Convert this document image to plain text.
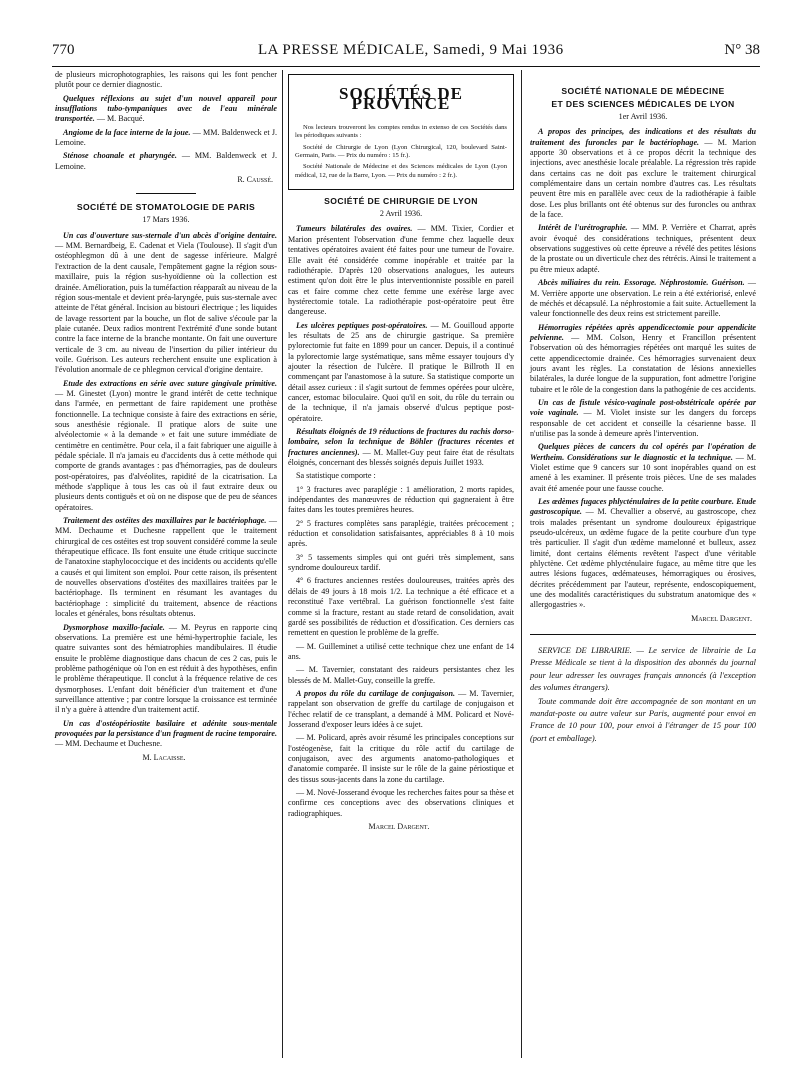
770	LA PRESSE MÉDICALE, Samedi, 9 Mai 1936	N° 38

de plusieurs microphotographies, les raisons qui les font pencher plutôt pour ce dernier diagnostic.

Quelques réflexions au sujet d'un nouvel appareil pour insufflations tubo-tympaniques avec de l'eau minérale transportée. — M. Bacqué.

Angiome de la face interne de la joue. — MM. Baldenweck et J. Lemoine.

Sténose choanale et pharyngée. — MM. Baldenweck et J. Lemoine.

R. Caussé.
SOCIÉTÉ DE STOMATOLOGIE DE PARIS
17 Mars 1936.

Un cas d'ouverture sus-sternale d'un abcès d'origine dentaire. — MM. Bernardbeig, E. Cadenat et Viela (Toulouse). Il s'agit d'un ostéophlegmon dû à une dent de sagesse inférieure. Malgré l'extraction de la dent causale, l'empâtement gagne la région sous-maxillaire, puis la région sus-hyoïdienne où la collection est drainée. Amélioration, puis la tuméfaction réapparaît au niveau de la région sous-mentale et devient préa-laryngée, puis sus-sternale avec atteinte de l'état général. Incision au bistouri électrique ; les liquides de lavage ressortent par la bouche, un flot de salive s'écoule par la plaie cutanée. Deux radios montrent l'extrémité d'une sonde butant contre la face interne de la branche montante. On fait une ouverture verticale de 3 cm. au niveau de l'insertion du pilier intérieur du voile. Guérison. Les auteurs recherchent ensuite une explication à l'évolution anormale de ce phlegmon cervical d'origine dentaire.

Etude des extractions en série avec suture gingivale primitive. — M. Ginestet (Lyon) montre le grand intérêt de cette technique dans l'armée, en permettant de faire rapidement une prothèse fonctionnelle. La technique consiste à faire des extractions en série, sous anesthésie régionale. Il pratique alors de suite une alvéolectomie « à la demande » et fait une suture immédiate de centimètre en centimètre. Pour cela, il a fait fabriquer une aiguille à pédale spéciale. Il n'a jamais eu d'accidents dus à cette méthode qui comporte de grands avantages : pas d'hémorragies, pas de douleurs post-opératoires, pas d'alvéolites, rapidité de la cicatrisation. La méthode s'applique à tous les cas où il faut extraire deux ou plusieurs dents contiguës et où on ne dispose que de peu de séances opératoires.

Traitement des ostéites des maxillaires par le bactériophage. — MM. Dechaume et Duchesne rappellent que le traitement chirurgical de ces ostéites est trop souvent considéré comme la seule thérapeutique efficace. Ils font ensuite une étude critique succincte de l'anatoxine staphylococcique et des incidents ou accidents qu'elle a causés et qui limitent son emploi. Pour cette raison, ils présentent de nouvelles observations d'ostéites des maxillaires traitées par le bactériophage. Ils terminent en résumant les avantages du bactériophage : simplicité du traitement, absence de réactions locales et générales, bons résultats obtenus.

Dysmorphose maxillo-faciale. — M. Peyrus en rapporte cinq observations. La première est une hémi-hypertrophie faciale, les quatre suivantes sont des hémiatrophies mandibulaires. Il étudie ensuite le problème diagnostique dans chacun de ces 2 cas, puis le problème pathogénique où l'on en est réduit à des hypothèses, enfin le problème thérapeutique. Il conclut à la fréquence relative de ces dysmorphoses. L'enfant doit bénéficier d'un traitement et d'une surveillance attentive ; par contre lorsque la croissance est terminée il n'y a guère à attendre d'un traitement actif.

Un cas d'ostéopériostite basilaire et adénite sous-mentale provoquées par la persistance d'un fragment de racine temporaire. — MM. Dechaume et Duchesne.

M. Lacaisse.
SOCIÉTÉS DE PROVINCE

Nos lecteurs trouveront les comptes rendus in extenso de ces Sociétés dans les périodiques suivants :

Société de Chirurgie de Lyon (Lyon Chirurgical, 120, boulevard Saint-Germain, Paris. — Prix du numéro : 15 fr.).

Société Nationale de Médecine et des Sciences médicales de Lyon (Lyon médical, 12, rue de la Barre, Lyon. — Prix du numéro : 2 fr.).

SOCIÉTÉ DE CHIRURGIE DE LYON
2 Avril 1936.

Tumeurs bilatérales des ovaires. — MM. Tixier, Cordier et Marion présentent l'observation d'une femme chez laquelle deux tentatives opératoires avaient été faites pour une tumeur de l'ovaire. Elle avait été considérée comme inopérable et traitée par la radiothérapie. D'après 120 observations analogues, les auteurs estiment qu'on doit être le plus interventionniste possible en pareil cas et faire comme chez cette femme une exérèse large avec hystérectomie totale. La radiothérapie post-opératoire peut être dangereuse.

Les ulcères peptiques post-opératoires. — M. Gouilloud apporte les résultats de 25 ans de chirurgie gastrique. Sa première pylorectomie fut faite en 1899 pour un cancer. Depuis, il a continué la pylorectomie large systématique, sans même essayer toujours d'y ajouter la résection de l'ulcère. Il pratique le Billroth II en commençant par l'anastomose à la suture. Sa statistique comporte un détail assez curieux : il s'agit surtout de femmes opérées pour ulcère, cancer, estomac biloculaire. Quoi qu'il en soit, du rôle du terrain ou de la technique, il n'a jamais observé d'ulcus peptique post-opératoire.

Résultats éloignés de 19 réductions de fractures du rachis dorso-lombaire, selon la technique de Böhler (fractures récentes et fractures anciennes). — M. Mallet-Guy peut faire état de résultats éloignés, concernant des blessés soignés depuis Juillet 1933.

Sa statistique comporte :

1° 3 fractures avec paraplégie : 1 amélioration, 2 morts rapides, indépendantes des manœuvres de réduction qui gagneraient à être faites dans les toutes premières heures.

2° 5 fractures complètes sans paraplégie, traitées précocement ; réduction et consolidation satisfaisantes, appréciables 8 à 10 mois après.

3° 5 tassements simples qui ont guéri très simplement, sans syndrome douloureux tardif.

4° 6 fractures anciennes restées douloureuses, traitées après des délais de 49 jours à 18 mois 1/2. La technique a été efficace et a reconstitué l'axe vertébral. La guérison fonctionnelle s'est faite comme si la fracture, restant au stade retard de consolidation, avait gardé ses possibilités de réduction et d'ossification. Ces derniers cas remettent en question le problème de la greffe.

— M. Guilleminet a utilisé cette technique chez une enfant de 14 ans.

— M. Tavernier, constatant des raideurs persistantes chez les blessés de M. Mallet-Guy, conseille la greffe.

A propos du rôle du cartilage de conjugaison. — M. Tavernier, rappelant son observation de greffe du cartilage de conjugaison et l'échec relatif de ce transplant, a demandé à MM. Policard et Nové-Josserand d'exposer leurs idées à ce sujet.

— M. Policard, après avoir résumé les principales conceptions sur l'ostéogenèse, fait la critique du rôle actif du cartilage de conjugaison, avec des arguments anatomo-pathologiques et d'anatomie comparée. Il insiste sur le rôle de la gaine périostique et des tissus sous-jacents dans la zone du cartilage.

— M. Nové-Josserand évoque les recherches faites pour sa thèse et confirme ces conceptions avec des observations cliniques et radiographiques.

Marcel Dargent.
SOCIÉTÉ NATIONALE DE MÉDECINE
ET DES SCIENCES MÉDICALES DE LYON
1er Avril 1936.

A propos des principes, des indications et des résultats du traitement des furoncles par le bactériophage. — M. Marion apporte 30 observations et à ce propos décrit la technique des injections, avec anesthésie locale préalable. La régression très rapide dans certains cas ne doit pas exclure le traitement chirurgical complémentaire dans un certain nombre d'autres cas. Les résultats peuvent être mis en parallèle avec ceux de la radiothérapie à faible dose. Les plus brillants ont été obtenus sur des furoncles ou anthrax de la face.

Intérêt de l'urétrographie. — MM. P. Verrière et Charrat, après avoir évoqué des considérations techniques, présentent deux observations suggestives où cette épreuve a révélé des petites lésions de la prostate ou un diverticule chez des rétrécis. Ainsi le traitement a pu être mieux adapté.

Abcès miliaires du rein. Essorage. Néphrostomie. Guérison. — M. Verrière apporte une observation. Le rein a été extériorisé, enlevé de méchés et décapsulé. La néphrostomie a fait suite. Actuellement la valeur fonctionnelle des deux reins est strictement pareille.

Hémorragies répétées après appendicectomie pour appendicite pelvienne. — MM. Colson, Henry et Francillon présentent l'observation où des hémorragies répétées ont marqué les suites de cette appendicectomie drainée. Ces hémorragies survenaient deux jours avant les règles. La constatation de lésions annexielles bilatérales, la durée longue de la suppuration, font admettre l'origine tubaire et le rôle de la congestion dans la pathogénie de ces accidents.

Un cas de fistule vésico-vaginale post-obstétricale opérée par voie vaginale. — M. Violet insiste sur les dangers du forceps responsable de cet accident et conseille la césarienne basse. Il n'utilise pas la sonde à demeure après l'intervention.

Quelques pièces de cancers du col opérés par l'opération de Wertheim. Considérations sur le diagnostic et la technique. — M. Violet estime que 9 cancers sur 10 sont inopérables quand on est amené à les examiner. Il présente trois pièces. Une de ses malades avait été amenée pour une fausse couche.

Les œdèmes fugaces phlycténulaires de la petite courbure. Etude gastroscopique. — M. Chevallier a observé, au gastroscope, chez trois malades présentant un syndrome douloureux épigastrique pseudo-ulcéreux, un œdème fugace de la petite courbure d'un type très particulier. Il s'agit d'un œdème mamelonné et bulleux, assez limité, dont certains éléments revêtent l'aspect d'une véritable phlyctène. Cet œdème phlycténulaire fugace, au même titre que les autres lésions fugaces, œdémateuses, hémorragiques ou érosives, décrites précédemment par l'auteur, représente, endoscopiquement, une des modalités caractéristiques du substratum anatomique des « allergogastries ».

Marcel Dargent.

SERVICE DE LIBRAIRIE. — Le service de librairie de La Presse Médicale se tient à la disposition des abonnés du journal pour leur adresser les ouvrages français annoncés (à l'exception des volumes étrangers).

Toute commande doit être accompagnée de son montant en un mandat-poste ou autre valeur sur Paris, augmenté pour envoi en France de 10 pour 100, pour envoi à l'étranger de 15 pour 100 (port et emballage).
